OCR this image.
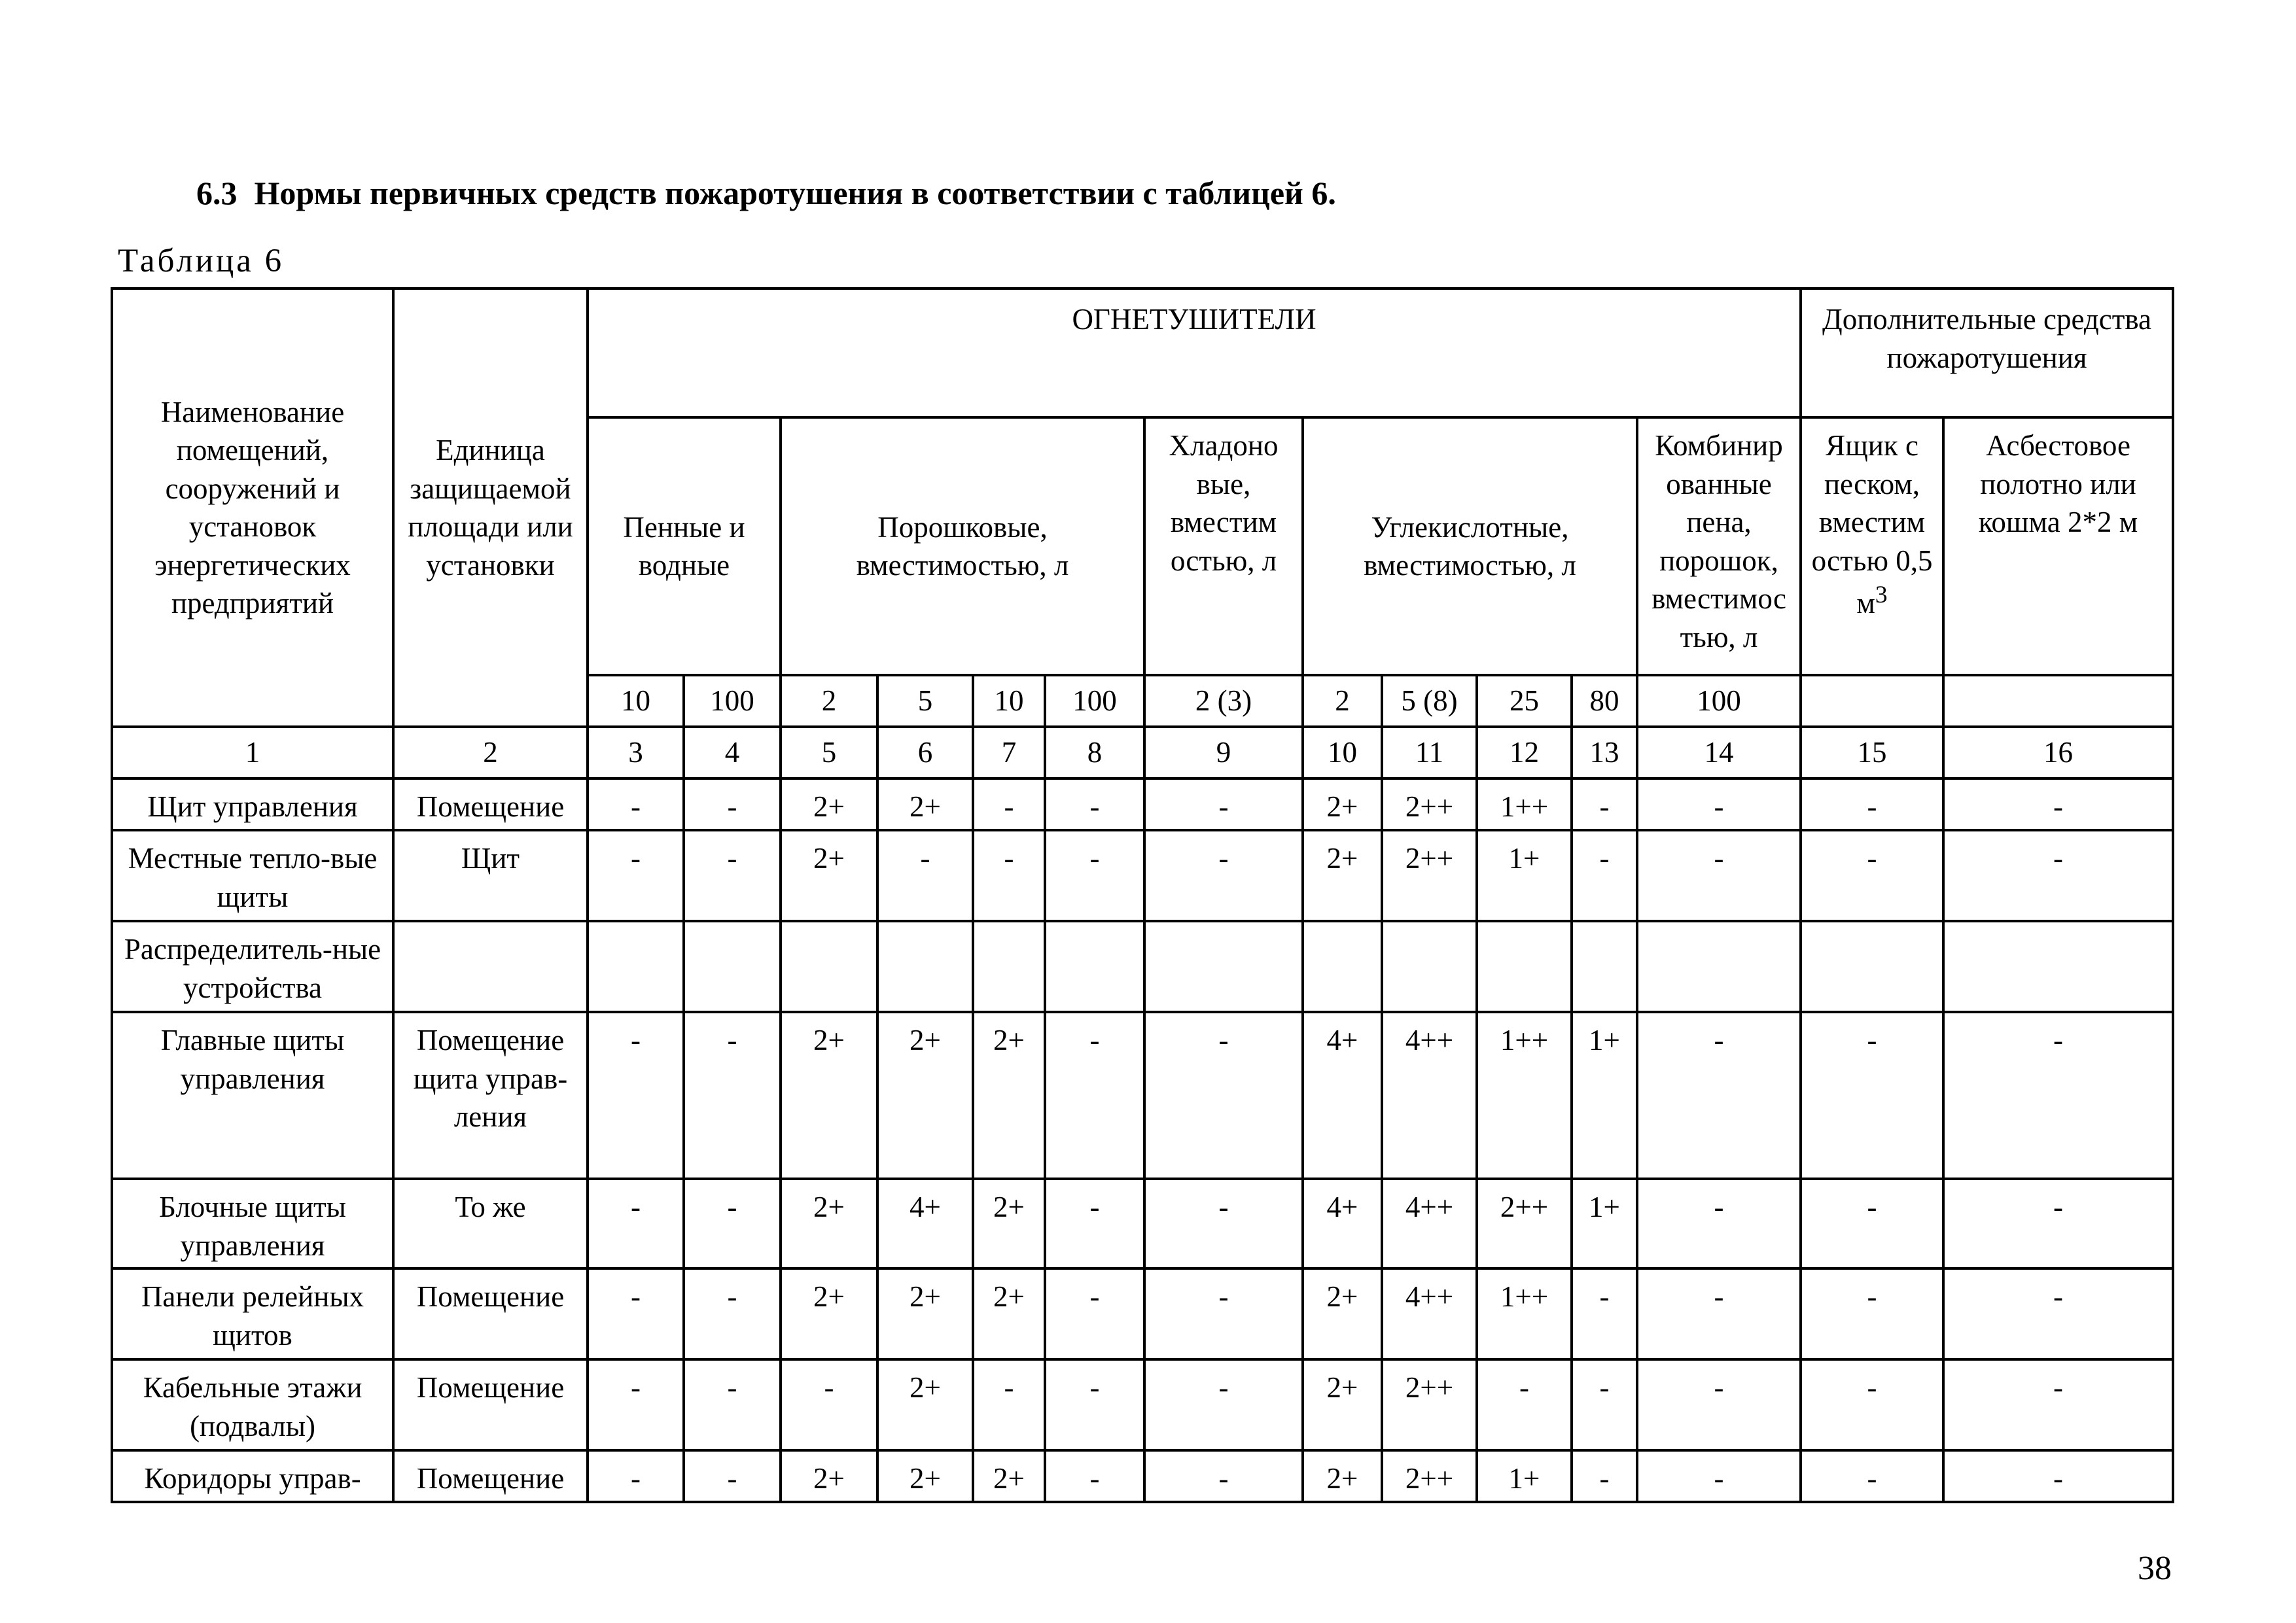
6.3 Нормы первичных средств пожаротушения в соответствии с таблицей 6.
Таблица 6
Наименование помещений, сооружений и установок энергетических предприятий	Единица защищаемой площади или установки	ОГНЕТУШИТЕЛИ												Дополнительные средства пожаротушения	
		Пенные и водные		Порошковые, вместимостью, л				Хладоно вые, вместим остью, л	Углекислотные, вместимостью, л				Комбинир ованные пена, порошок, вместимос тью, л	Ящик с песком, вместим остью 0,5 $м^3$	Асбестовое полотно или кошма 2*2 м
		10	100	2	5	10	100	2 (3)	2	5 (8)	25	80	100		
1	2	3	4	5	6	7	8	9	10	11	12	13	14	15	16
Щит управления	Помещение	-	-	2+	2+	-	-	-	2+	2++	1++	-	-	-	-
Местные тепло-вые щиты	Щит	-	-	2+	-	-	-	-	2+	2++	1+	-	-	-	-
Распределитель-ные устройства															
Главные щиты управления	Помещение щита управ-ления	-	-	2+	2+	2+	-	-	4+	4++	1++	1+	-	-	-
Блочные щиты управления	То же	-	-	2+	4+	2+	-	-	4+	4++	2++	1+	-	-	-
Панели релейных щитов	Помещение	-	-	2+	2+	2+	-	-	2+	4++	1++	-	-	-	-
Кабельные этажи (подвалы)	Помещение	-	-	-	2+	-	-	-	2+	2++	-	-	-	-	-
Коридоры управ-	Помещение	-	-	2+	2+	2+	-	-	2+	2++	1+	-	-	-	-
38
